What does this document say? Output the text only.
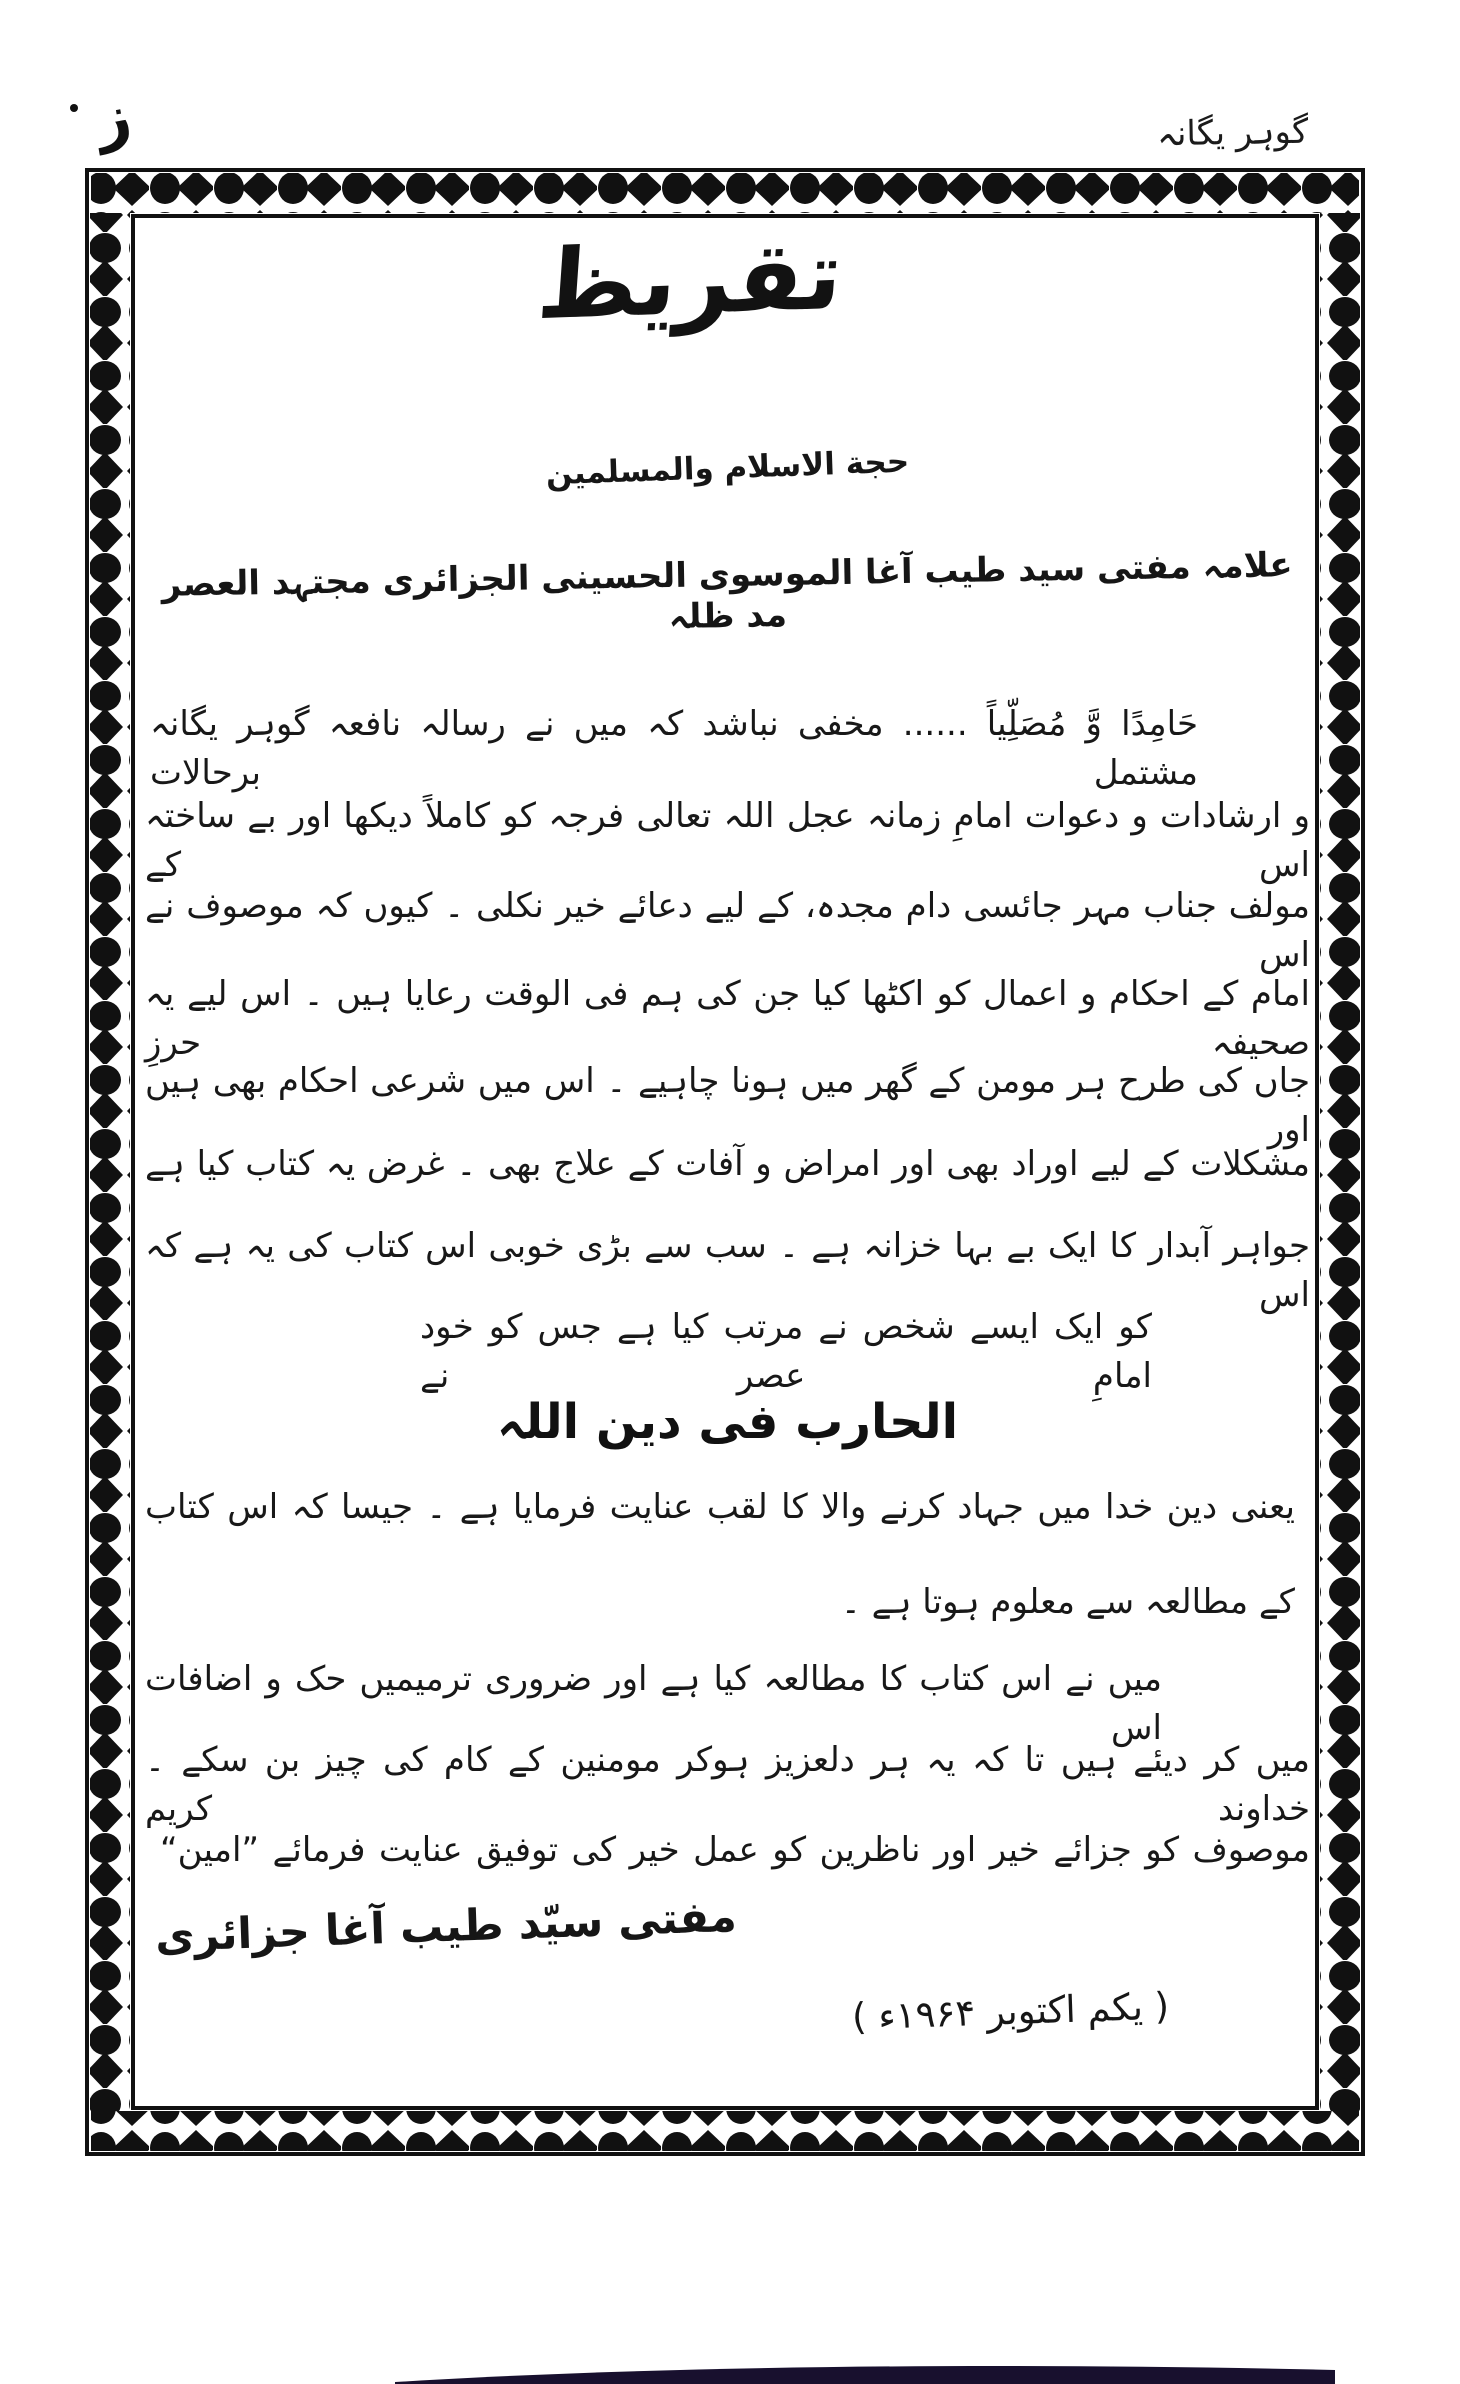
ز	گوہر یگانہ
تقریظ
حجة الاسلام والمسلمین
علامہ مفتی سید طیب آغا الموسوی الحسینی الجزائری مجتہد العصر مد ظلہ
حَامِدًا وَّ مُصَلِّیاً ...... مخفی نباشد کہ میں نے رسالہ نافعہ گوہر یگانہ مشتمل برحالات
و ارشادات و دعوات امامِ زمانہ عجل اللہ تعالی فرجہ کو کاملاً دیکھا اور بے ساختہ اس کے
مولف جناب مہر جائسی دام مجدہ، کے لیے دعائے خیر نکلی ۔ کیوں کہ موصوف نے اس
امام کے احکام و اعمال کو اکٹھا کیا جن کی ہم فی الوقت رعایا ہیں ۔ اس لیے یہ صحیفہ حرزِ
جاں کی طرح ہر مومن کے گھر میں ہونا چاہیے ۔ اس میں شرعی احکام بھی ہیں اور
مشکلات کے لیے اوراد بھی اور امراض و آفات کے علاج بھی ۔ غرض یہ کتاب کیا ہے
جواہر آبدار کا ایک بے بہا خزانہ ہے ۔ سب سے بڑی خوبی اس کتاب کی یہ ہے کہ اس
کو ایک ایسے شخص نے مرتب کیا ہے جس کو خود امامِ عصر نے
الحارب فی دین اللہ
یعنی دین خدا میں جہاد کرنے والا کا لقب عنایت فرمایا ہے ۔ جیسا کہ اس کتاب
کے مطالعہ سے معلوم ہوتا ہے ۔
میں نے اس کتاب کا مطالعہ کیا ہے اور ضروری ترمیمیں حک و اضافات اس
میں کر دیئے ہیں تا کہ یہ ہر دلعزیز ہوکر مومنین کے کام کی چیز بن سکے ۔ خداوند کریم
موصوف کو جزائے خیر اور ناظرین کو عمل خیر کی توفیق عنایت فرمائے ”امین“
مفتی سیّد طیب آغا جزائری
( یکم اکتوبر ۱۹۶۴ء )
